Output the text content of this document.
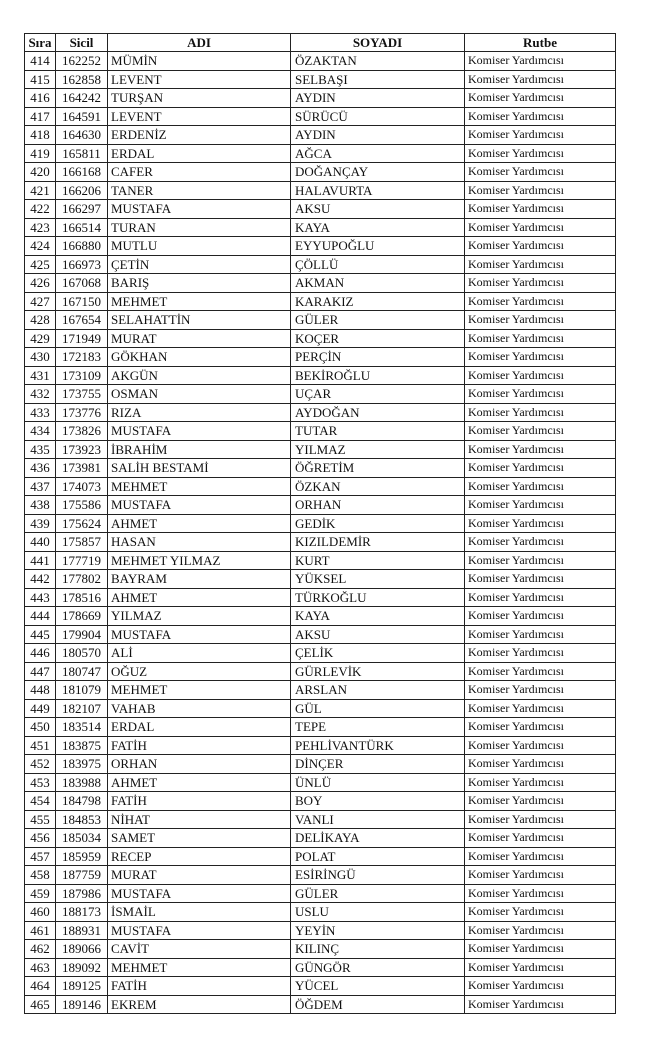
Sıra	Sicil	ADI	SOYADI	Rutbe
414	162252	MÜMİN	ÖZAKTAN	Komiser Yardımcısı
415	162858	LEVENT	SELBAŞI	Komiser Yardımcısı
416	164242	TURŞAN	AYDIN	Komiser Yardımcısı
417	164591	LEVENT	SÜRÜCÜ	Komiser Yardımcısı
418	164630	ERDENİZ	AYDIN	Komiser Yardımcısı
419	165811	ERDAL	AĞCA	Komiser Yardımcısı
420	166168	CAFER	DOĞANÇAY	Komiser Yardımcısı
421	166206	TANER	HALAVURTA	Komiser Yardımcısı
422	166297	MUSTAFA	AKSU	Komiser Yardımcısı
423	166514	TURAN	KAYA	Komiser Yardımcısı
424	166880	MUTLU	EYYUPOĞLU	Komiser Yardımcısı
425	166973	ÇETİN	ÇÖLLÜ	Komiser Yardımcısı
426	167068	BARIŞ	AKMAN	Komiser Yardımcısı
427	167150	MEHMET	KARAKIZ	Komiser Yardımcısı
428	167654	SELAHATTİN	GÜLER	Komiser Yardımcısı
429	171949	MURAT	KOÇER	Komiser Yardımcısı
430	172183	GÖKHAN	PERÇİN	Komiser Yardımcısı
431	173109	AKGÜN	BEKİROĞLU	Komiser Yardımcısı
432	173755	OSMAN	UÇAR	Komiser Yardımcısı
433	173776	RIZA	AYDOĞAN	Komiser Yardımcısı
434	173826	MUSTAFA	TUTAR	Komiser Yardımcısı
435	173923	İBRAHİM	YILMAZ	Komiser Yardımcısı
436	173981	SALİH BESTAMİ	ÖĞRETİM	Komiser Yardımcısı
437	174073	MEHMET	ÖZKAN	Komiser Yardımcısı
438	175586	MUSTAFA	ORHAN	Komiser Yardımcısı
439	175624	AHMET	GEDİK	Komiser Yardımcısı
440	175857	HASAN	KIZILDEMİR	Komiser Yardımcısı
441	177719	MEHMET YILMAZ	KURT	Komiser Yardımcısı
442	177802	BAYRAM	YÜKSEL	Komiser Yardımcısı
443	178516	AHMET	TÜRKOĞLU	Komiser Yardımcısı
444	178669	YILMAZ	KAYA	Komiser Yardımcısı
445	179904	MUSTAFA	AKSU	Komiser Yardımcısı
446	180570	ALİ	ÇELİK	Komiser Yardımcısı
447	180747	OĞUZ	GÜRLEVİK	Komiser Yardımcısı
448	181079	MEHMET	ARSLAN	Komiser Yardımcısı
449	182107	VAHAB	GÜL	Komiser Yardımcısı
450	183514	ERDAL	TEPE	Komiser Yardımcısı
451	183875	FATİH	PEHLİVANTÜRK	Komiser Yardımcısı
452	183975	ORHAN	DİNÇER	Komiser Yardımcısı
453	183988	AHMET	ÜNLÜ	Komiser Yardımcısı
454	184798	FATİH	BOY	Komiser Yardımcısı
455	184853	NİHAT	VANLI	Komiser Yardımcısı
456	185034	SAMET	DELİKAYA	Komiser Yardımcısı
457	185959	RECEP	POLAT	Komiser Yardımcısı
458	187759	MURAT	ESİRİNGÜ	Komiser Yardımcısı
459	187986	MUSTAFA	GÜLER	Komiser Yardımcısı
460	188173	İSMAİL	USLU	Komiser Yardımcısı
461	188931	MUSTAFA	YEYİN	Komiser Yardımcısı
462	189066	CAVİT	KILINÇ	Komiser Yardımcısı
463	189092	MEHMET	GÜNGÖR	Komiser Yardımcısı
464	189125	FATİH	YÜCEL	Komiser Yardımcısı
465	189146	EKREM	ÖĞDEM	Komiser Yardımcısı
